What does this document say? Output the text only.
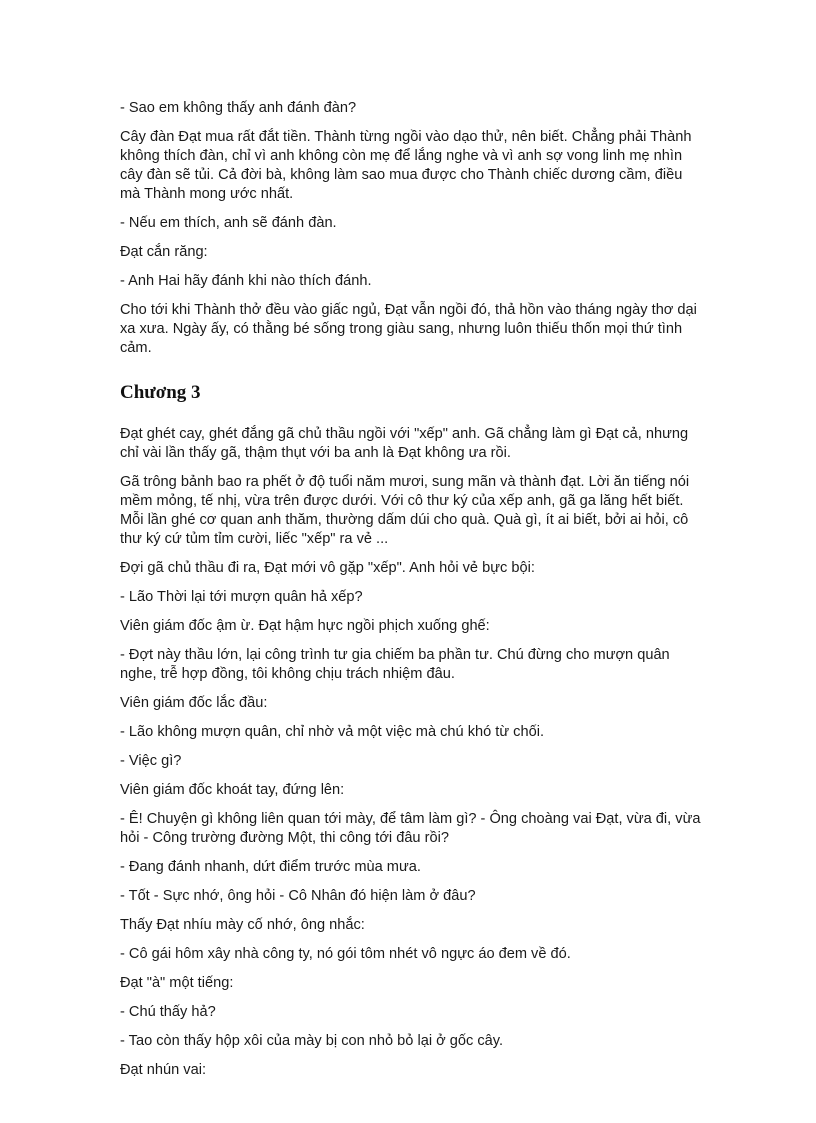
- Sao em không thấy anh đánh đàn?

Cây đàn Đạt mua rất đắt tiền. Thành từng ngồi vào dạo thử, nên biết. Chẳng phải Thành không thích đàn, chỉ vì anh không còn mẹ để lắng nghe và vì anh sợ vong linh mẹ nhìn cây đàn sẽ tủi. Cả đời bà, không làm sao mua được cho Thành chiếc dương cầm, điều mà Thành mong ước nhất.

- Nếu em thích, anh sẽ đánh đàn.

Đạt cắn răng:

- Anh Hai hãy đánh khi nào thích đánh.

Cho tới khi Thành thở đều vào giấc ngủ, Đạt vẫn ngồi đó, thả hồn vào tháng ngày thơ dại xa xưa. Ngày ấy, có thằng bé sống trong giàu sang, nhưng luôn thiếu thốn mọi thứ tình cảm.

Chương 3

Đạt ghét cay, ghét đắng gã chủ thầu ngồi với "xếp" anh. Gã chẳng làm gì Đạt cả, nhưng chỉ vài lần thấy gã, thậm thụt với ba anh là Đạt không ưa rồi.

Gã trông bảnh bao ra phết ở độ tuổi năm mươi, sung mãn và thành đạt. Lời ăn tiếng nói mềm mỏng, tế nhị, vừa trên được dưới. Với cô thư ký của xếp anh, gã ga lăng hết biết. Mỗi lần ghé cơ quan anh thăm, thường dấm dúi cho quà. Quà gì, ít ai biết, bởi ai hỏi, cô thư ký cứ tủm tỉm cười, liếc "xếp" ra vẻ ...

Đợi gã chủ thầu đi ra, Đạt mới vô gặp "xếp". Anh hỏi vẻ bực bội:

- Lão Thời lại tới mượn quân hả xếp?

Viên giám đốc ậm ừ. Đạt hậm hực ngồi phịch xuống ghế:

- Đợt này thầu lớn, lại công trình tư gia chiếm ba phần tư. Chú đừng cho mượn quân nghe, trễ hợp đồng, tôi không chịu trách nhiệm đâu.

Viên giám đốc lắc đầu:

- Lão không mượn quân, chỉ nhờ vả một việc mà chú khó từ chối.

- Việc gì?

Viên giám đốc khoát tay, đứng lên:

- Ê! Chuyện gì không liên quan tới mày, để tâm làm gì? - Ông choàng vai Đạt, vừa đi, vừa hỏi - Công trường đường Một, thi công tới đâu rồi?

- Đang đánh nhanh, dứt điểm trước mùa mưa.

- Tốt - Sực nhớ, ông hỏi - Cô Nhân đó hiện làm ở đâu?

Thấy Đạt nhíu mày cố nhớ, ông nhắc:

- Cô gái hôm xây nhà công ty, nó gói tôm nhét vô ngực áo đem về đó.

Đạt "à" một tiếng:

- Chú thấy hả?

- Tao còn thấy hộp xôi của mày bị con nhỏ bỏ lại ở gốc cây.

Đạt nhún vai:
